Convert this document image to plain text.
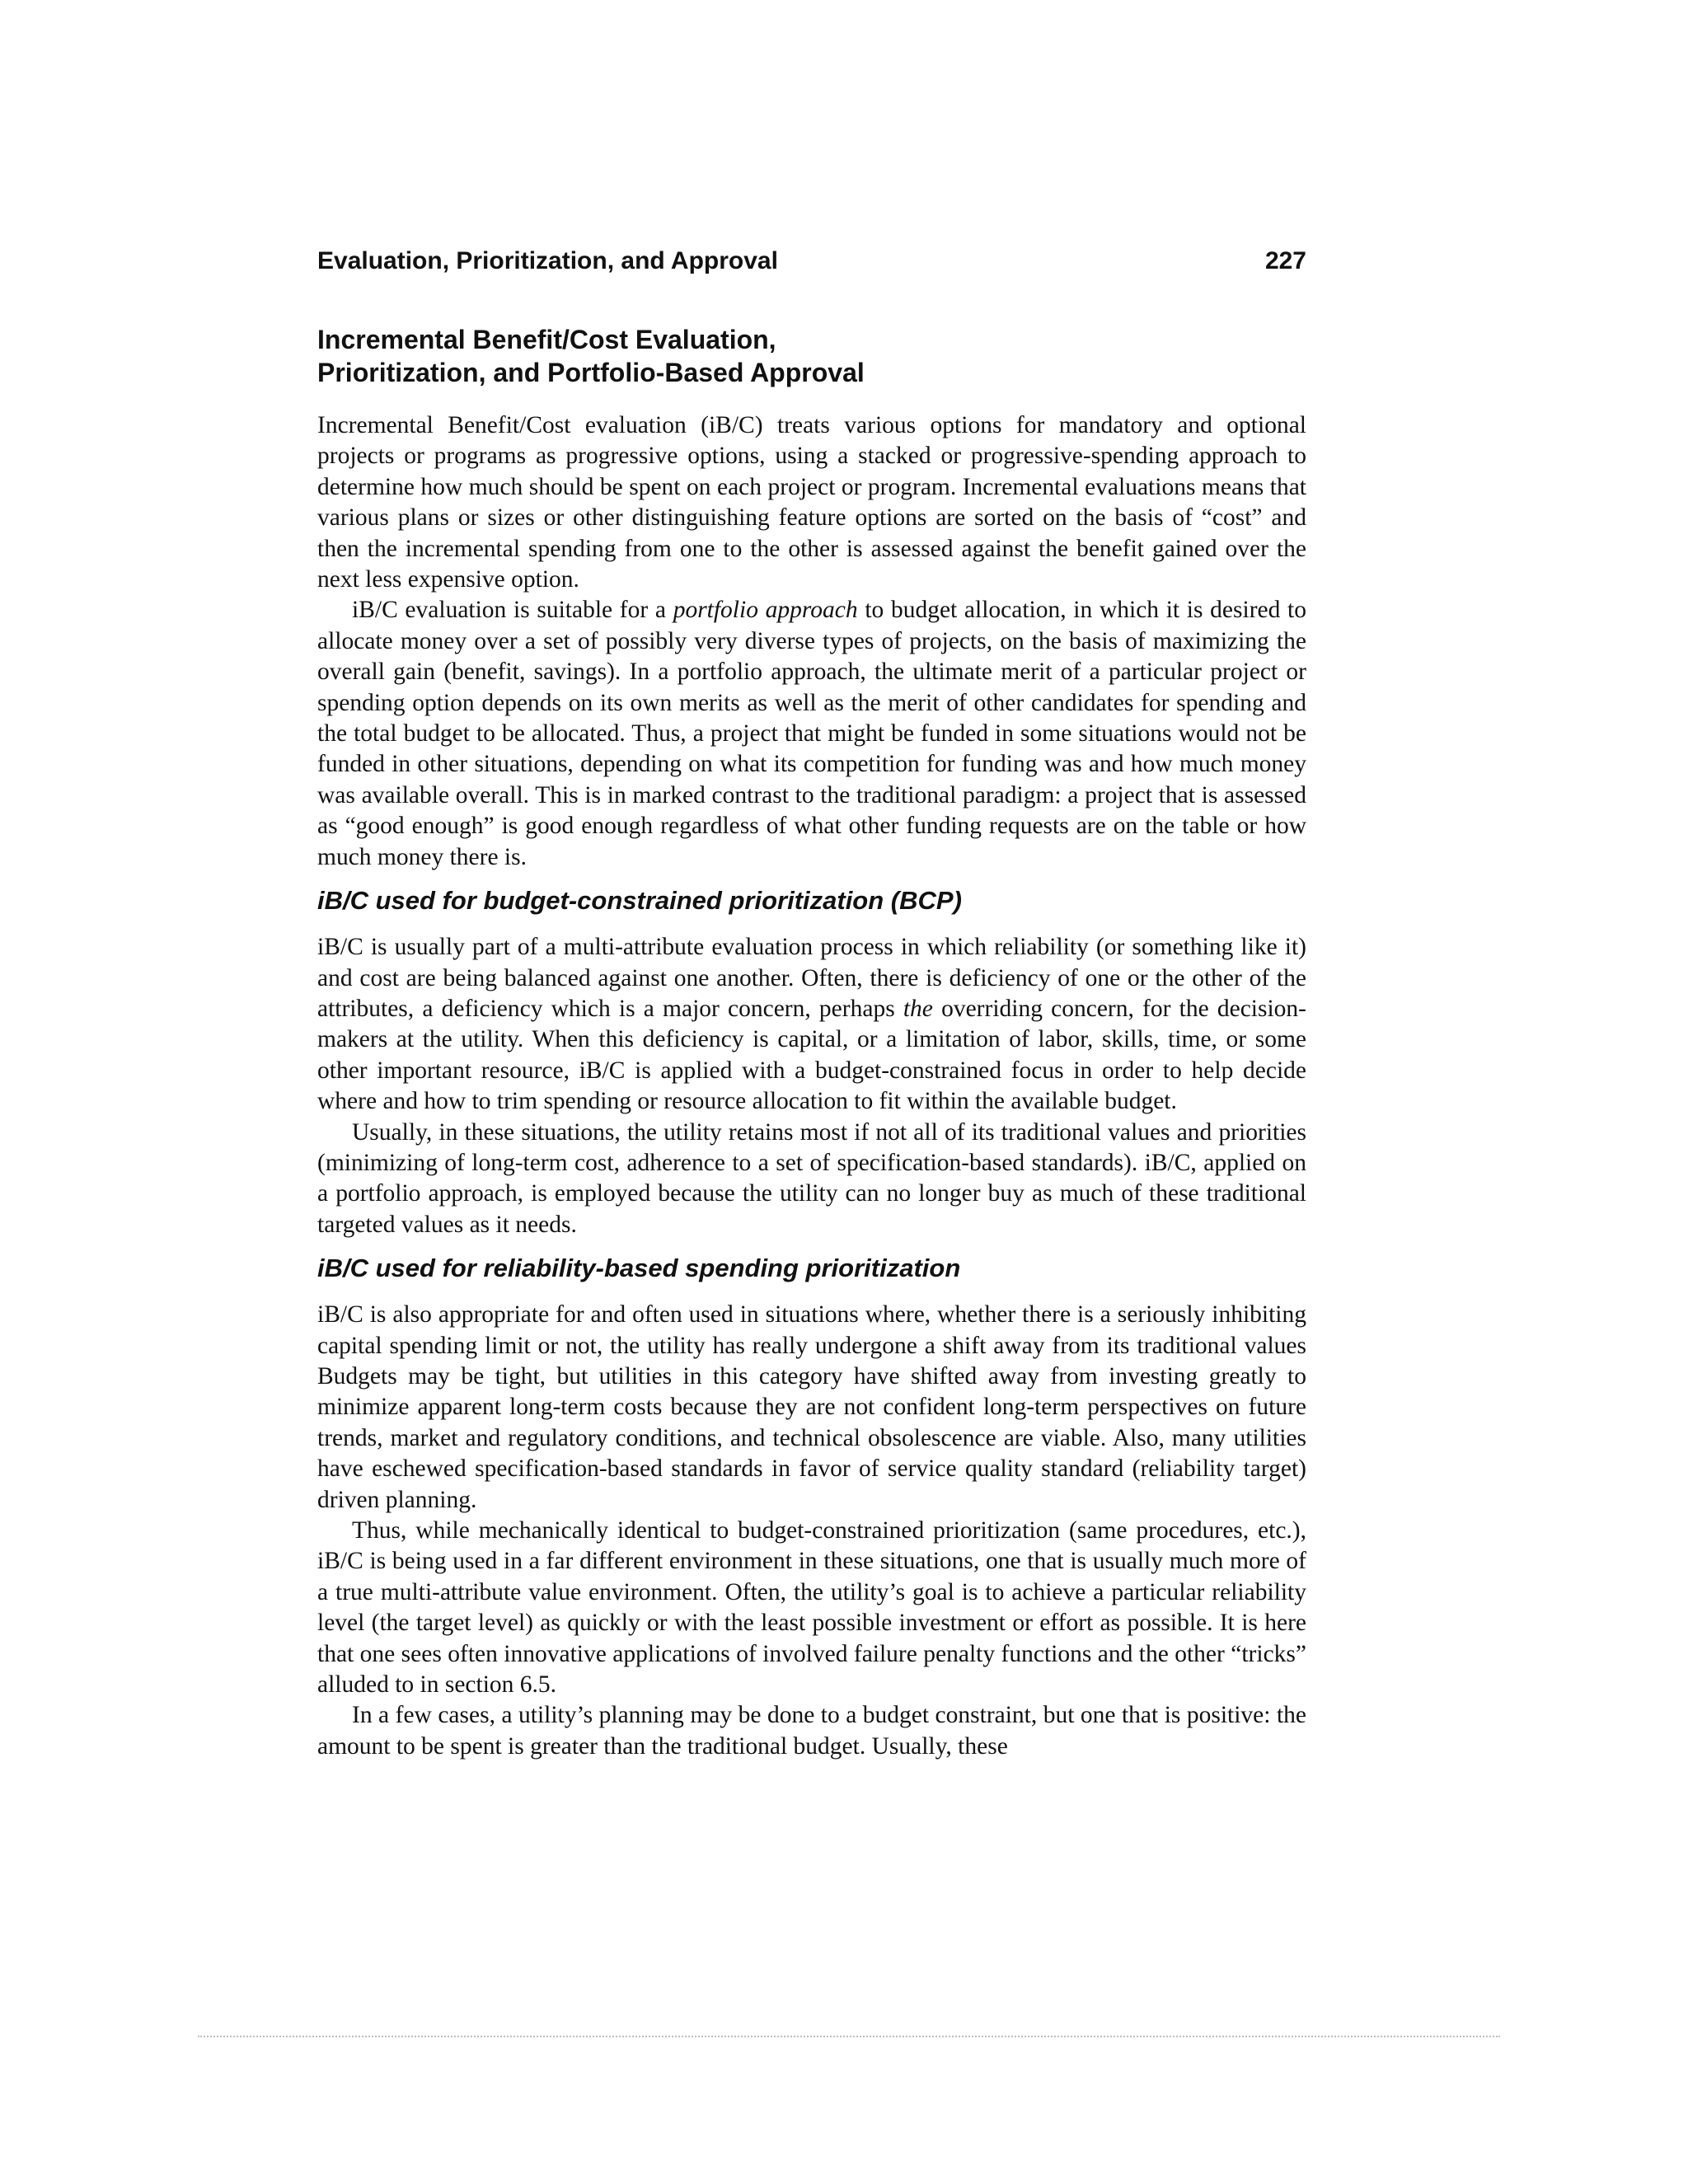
Evaluation, Prioritization, and Approval	227
Incremental Benefit/Cost Evaluation,
Prioritization, and Portfolio-Based Approval

Incremental Benefit/Cost evaluation (iB/C) treats various options for mandatory and optional projects or programs as progressive options, using a stacked or progressive-spending approach to determine how much should be spent on each project or program. Incremental evaluations means that various plans or sizes or other distinguishing feature options are sorted on the basis of “cost” and then the incremental spending from one to the other is assessed against the benefit gained over the next less expensive option.

iB/C evaluation is suitable for a portfolio approach to budget allocation, in which it is desired to allocate money over a set of possibly very diverse types of projects, on the basis of maximizing the overall gain (benefit, savings). In a portfolio approach, the ultimate merit of a particular project or spending option depends on its own merits as well as the merit of other candidates for spending and the total budget to be allocated. Thus, a project that might be funded in some situations would not be funded in other situations, depending on what its competition for funding was and how much money was available overall. This is in marked contrast to the traditional paradigm: a project that is assessed as “good enough” is good enough regardless of what other funding requests are on the table or how much money there is.

iB/C used for budget-constrained prioritization (BCP)

iB/C is usually part of a multi-attribute evaluation process in which reliability (or something like it) and cost are being balanced against one another. Often, there is deficiency of one or the other of the attributes, a deficiency which is a major concern, perhaps the overriding concern, for the decision-makers at the utility. When this deficiency is capital, or a limitation of labor, skills, time, or some other important resource, iB/C is applied with a budget-constrained focus in order to help decide where and how to trim spending or resource allocation to fit within the available budget.

Usually, in these situations, the utility retains most if not all of its traditional values and priorities (minimizing of long-term cost, adherence to a set of specification-based standards). iB/C, applied on a portfolio approach, is employed because the utility can no longer buy as much of these traditional targeted values as it needs.

iB/C used for reliability-based spending prioritization

iB/C is also appropriate for and often used in situations where, whether there is a seriously inhibiting capital spending limit or not, the utility has really undergone a shift away from its traditional values Budgets may be tight, but utilities in this category have shifted away from investing greatly to minimize apparent long-term costs because they are not confident long-term perspectives on future trends, market and regulatory conditions, and technical obsolescence are viable. Also, many utilities have eschewed specification-based standards in favor of service quality standard (reliability target) driven planning.

Thus, while mechanically identical to budget-constrained prioritization (same procedures, etc.), iB/C is being used in a far different environment in these situations, one that is usually much more of a true multi-attribute value environment. Often, the utility’s goal is to achieve a particular reliability level (the target level) as quickly or with the least possible investment or effort as possible. It is here that one sees often innovative applications of involved failure penalty functions and the other “tricks” alluded to in section 6.5.

In a few cases, a utility’s planning may be done to a budget constraint, but one that is positive: the amount to be spent is greater than the traditional budget. Usually, these
